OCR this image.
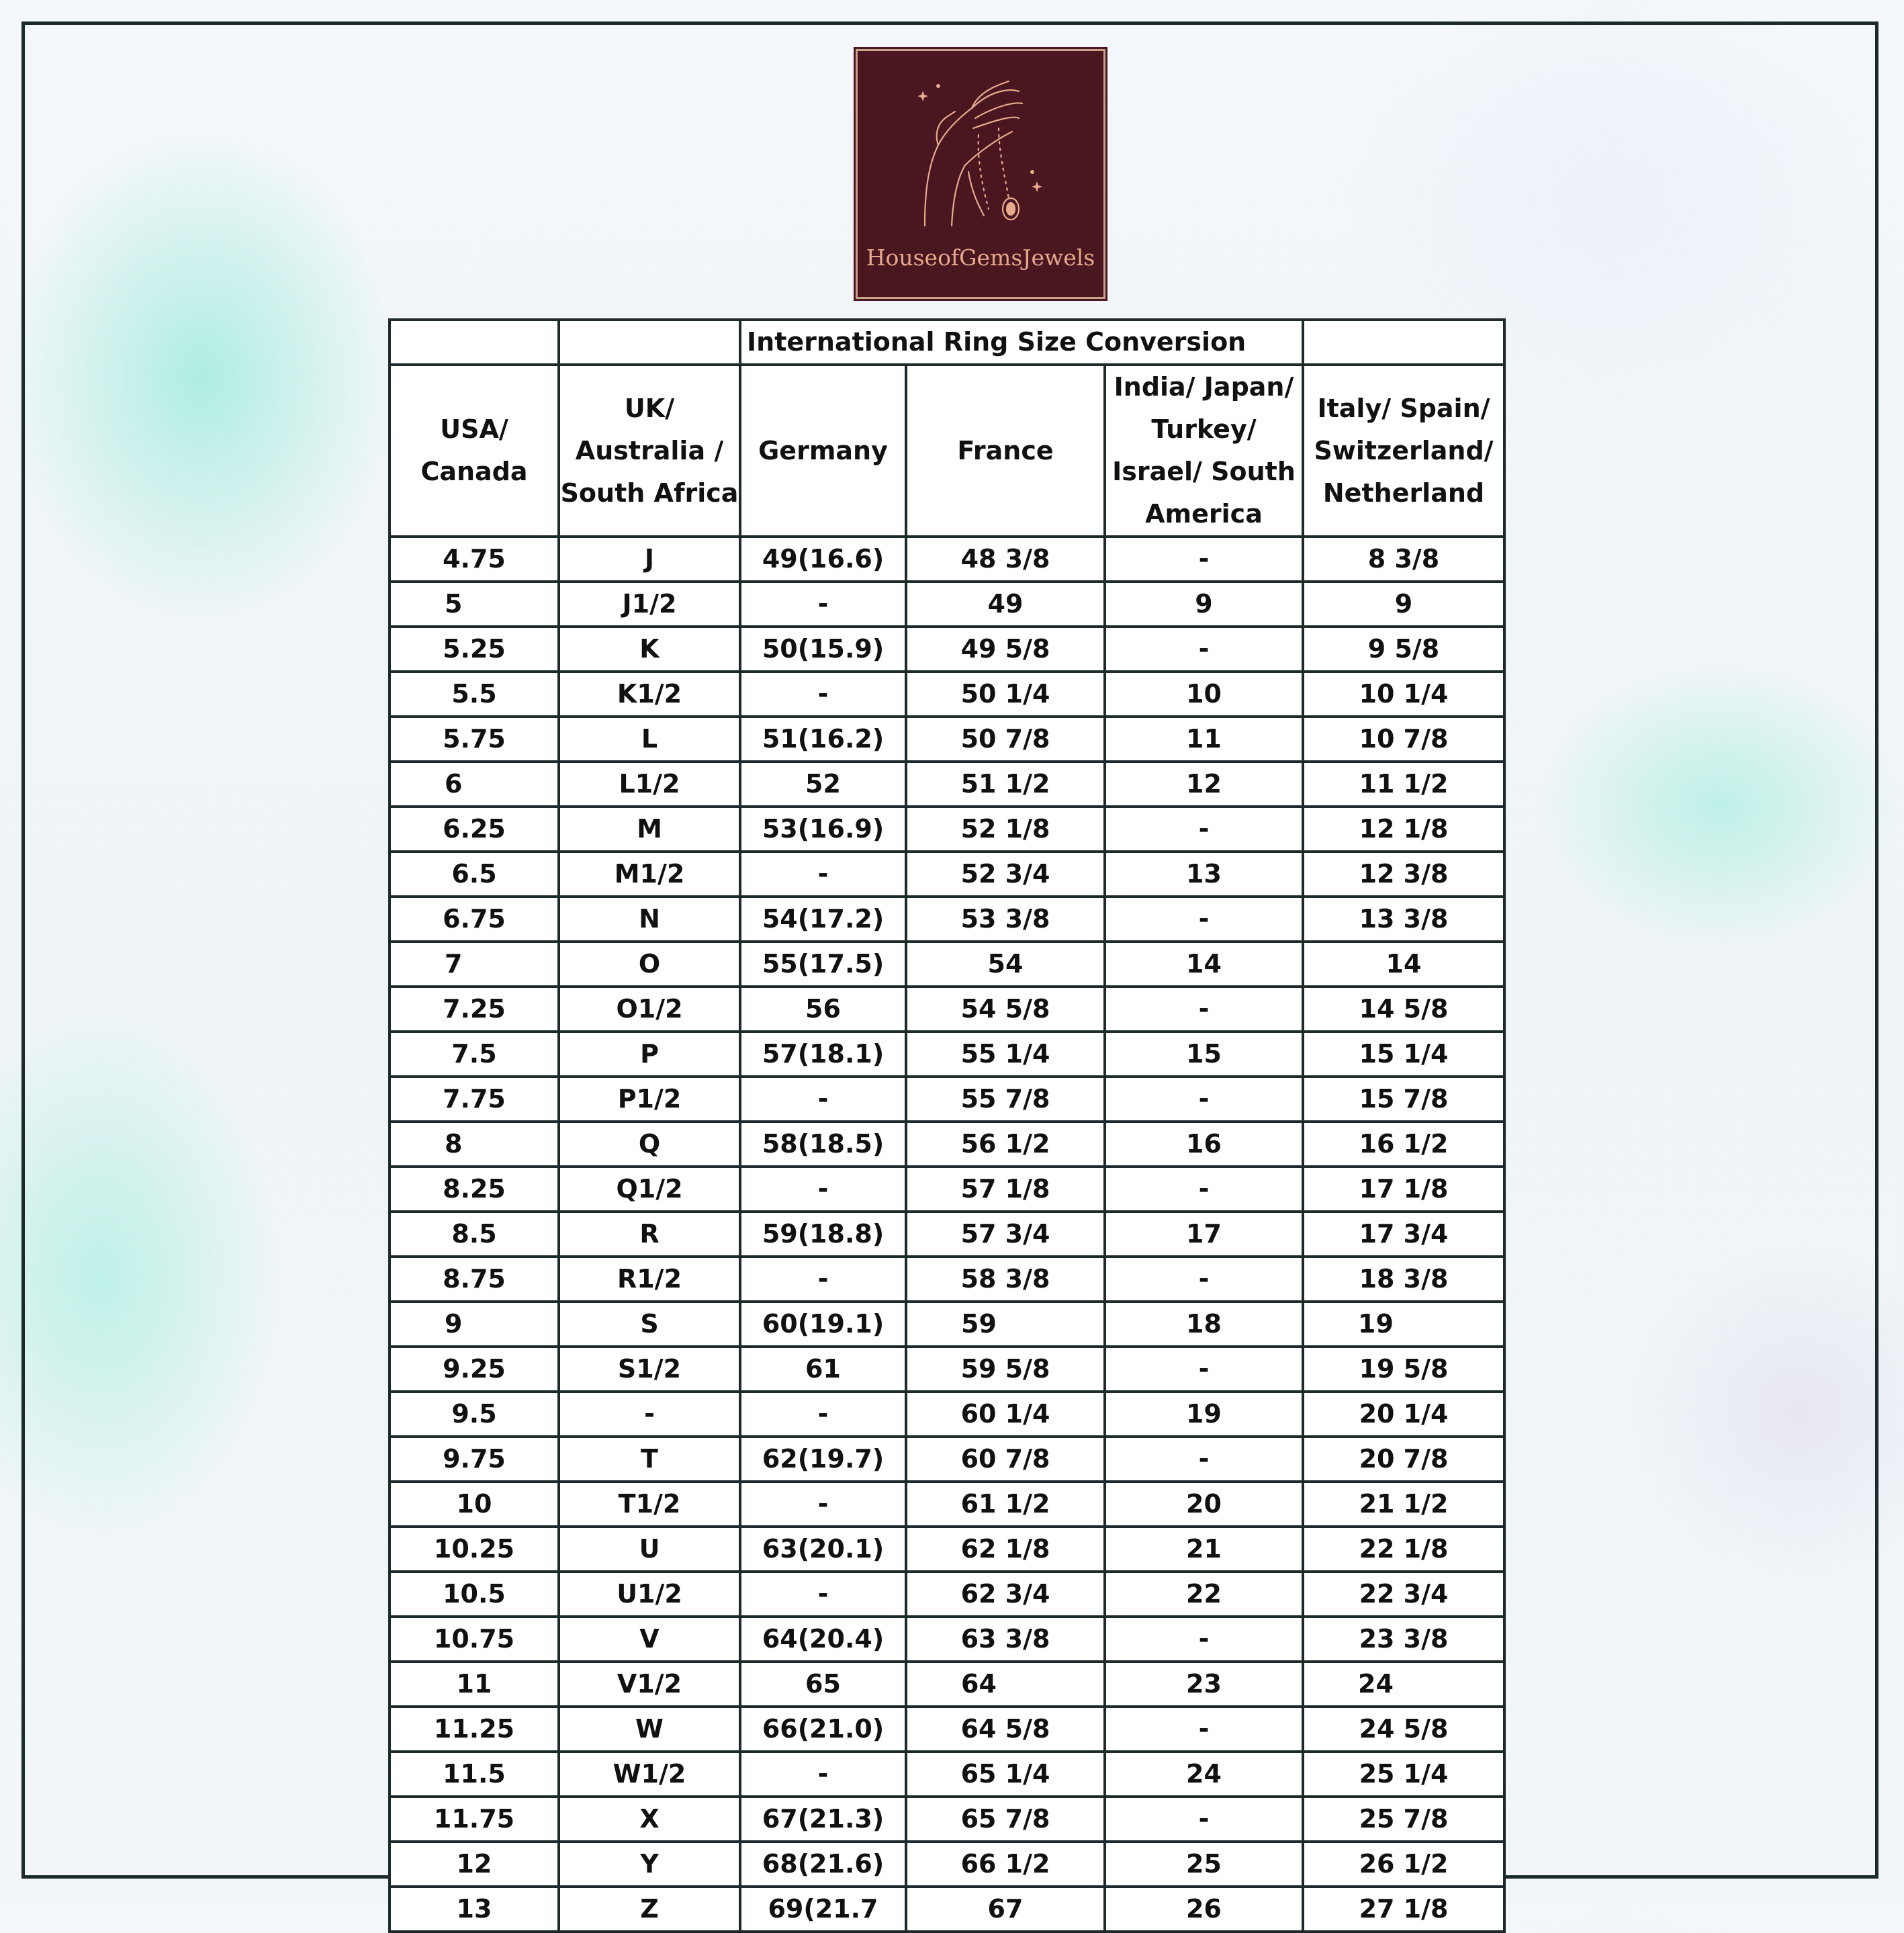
HouseofGemsJewels
		International Ring Size Conversion			
USA/
Canada	UK/
Australia /
South Africa	Germany	France	India/ Japan/
Turkey/
Israel/ South
America	Italy/ Spain/
Switzerland/
Netherland
4.75	J	49(16.6)	48 3/8	-	8 3/8
5	J1/2	-	49	9	9
5.25	K	50(15.9)	49 5/8	-	9 5/8
5.5	K1/2	-	50 1/4	10	10 1/4
5.75	L	51(16.2)	50 7/8	11	10 7/8
6	L1/2	52	51 1/2	12	11 1/2
6.25	M	53(16.9)	52 1/8	-	12 1/8
6.5	M1/2	-	52 3/4	13	12 3/8
6.75	N	54(17.2)	53 3/8	-	13 3/8
7	O	55(17.5)	54	14	14
7.25	O1/2	56	54 5/8	-	14 5/8
7.5	P	57(18.1)	55 1/4	15	15 1/4
7.75	P1/2	-	55 7/8	-	15 7/8
8	Q	58(18.5)	56 1/2	16	16 1/2
8.25	Q1/2	-	57 1/8	-	17 1/8
8.5	R	59(18.8)	57 3/4	17	17 3/4
8.75	R1/2	-	58 3/8	-	18 3/8
9	S	60(19.1)	59	18	19
9.25	S1/2	61	59 5/8	-	19 5/8
9.5	-	-	60 1/4	19	20 1/4
9.75	T	62(19.7)	60 7/8	-	20 7/8
10	T1/2	-	61 1/2	20	21 1/2
10.25	U	63(20.1)	62 1/8	21	22 1/8
10.5	U1/2	-	62 3/4	22	22 3/4
10.75	V	64(20.4)	63 3/8	-	23 3/8
11	V1/2	65	64	23	24
11.25	W	66(21.0)	64 5/8	-	24 5/8
11.5	W1/2	-	65 1/4	24	25 1/4
11.75	X	67(21.3)	65 7/8	-	25 7/8
12	Y	68(21.6)	66 1/2	25	26 1/2
13	Z	69(21.7	67	26	27 1/8
